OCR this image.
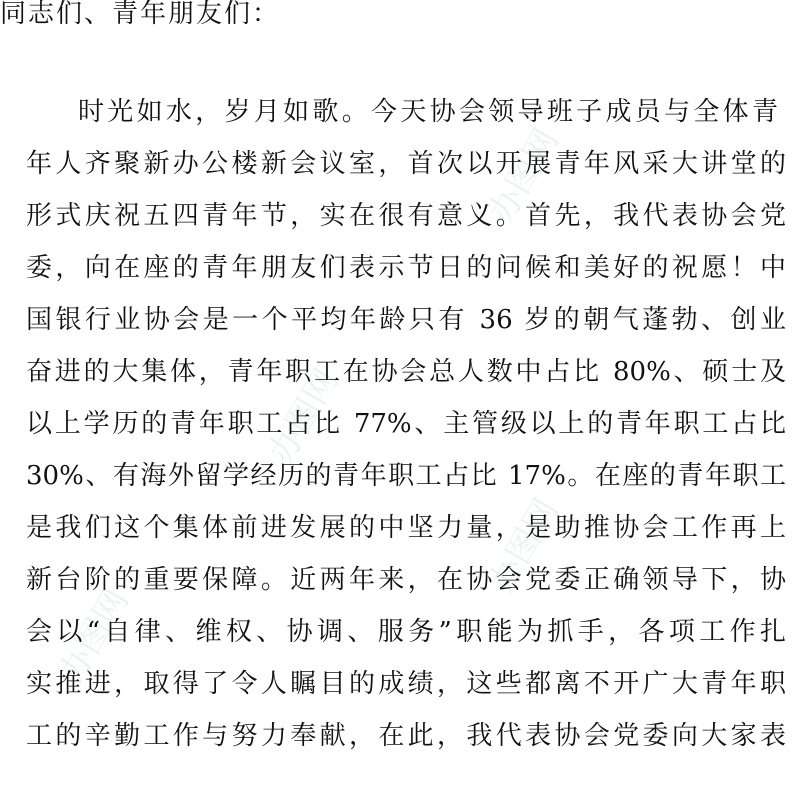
办图网
办图网
办图网
办图网
同志们、青年朋友们：
时光如水，岁月如歌。今天协会领导班子成员与全体青
年人齐聚新办公楼新会议室，首次以开展青年风采大讲堂的
形式庆祝五四青年节，实在很有意义。首先，我代表协会党
委，向在座的青年朋友们表示节日的问候和美好的祝愿！中
国银行业协会是一个平均年龄只有 36 岁的朝气蓬勃、创业
奋进的大集体，青年职工在协会总人数中占比 80%、硕士及
以上学历的青年职工占比 77%、主管级以上的青年职工占比
30%、有海外留学经历的青年职工占比 17%。在座的青年职工
是我们这个集体前进发展的中坚力量，是助推协会工作再上
新台阶的重要保障。近两年来，在协会党委正确领导下，协
会以“自律、维权、协调、服务”职能为抓手，各项工作扎
实推进，取得了令人瞩目的成绩，这些都离不开广大青年职
工的辛勤工作与努力奉献，在此，我代表协会党委向大家表
